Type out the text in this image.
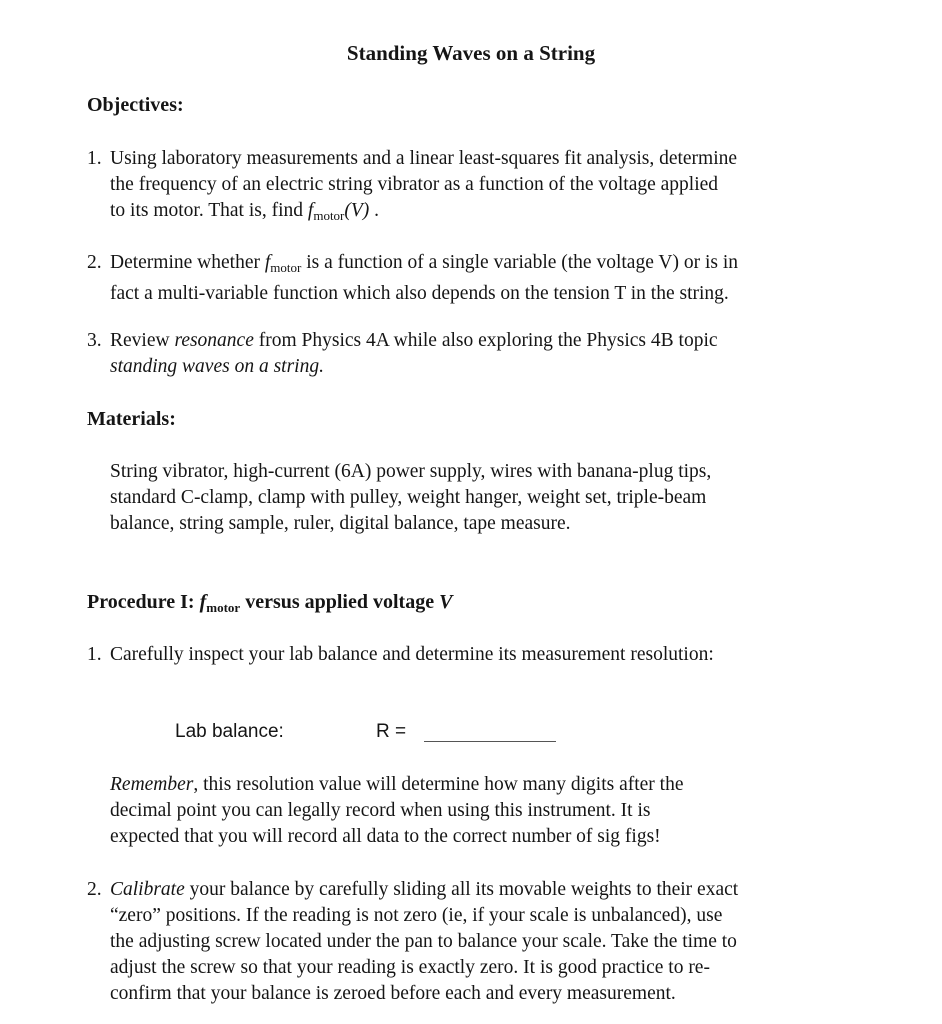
Standing Waves on a String
Objectives:
1. Using laboratory measurements and a linear least-squares fit analysis, determine
the frequency of an electric string vibrator as a function of the voltage applied
to its motor. That is, find $f_{motor}(V)$ .
2. Determine whether $f_{motor}$ is a function of a single variable (the voltage V) or is in
fact a multi-variable function which also depends on the tension T in the string.
3. Review resonance from Physics 4A while also exploring the Physics 4B topic
standing waves on a string.
Materials:
String vibrator, high-current (6A) power supply, wires with banana-plug tips,
standard C-clamp, clamp with pulley, weight hanger, weight set, triple-beam
balance, string sample, ruler, digital balance, tape measure.
Procedure I: $f_{motor}$ versus applied voltage V
1. Carefully inspect your lab balance and determine its measurement resolution:
Lab balance:	R =
Remember, this resolution value will determine how many digits after the
decimal point you can legally record when using this instrument. It is
expected that you will record all data to the correct number of sig figs!
2. Calibrate your balance by carefully sliding all its movable weights to their exact
“zero” positions. If the reading is not zero (ie, if your scale is unbalanced), use
the adjusting screw located under the pan to balance your scale. Take the time to
adjust the screw so that your reading is exactly zero. It is good practice to re-
confirm that your balance is zeroed before each and every measurement.
